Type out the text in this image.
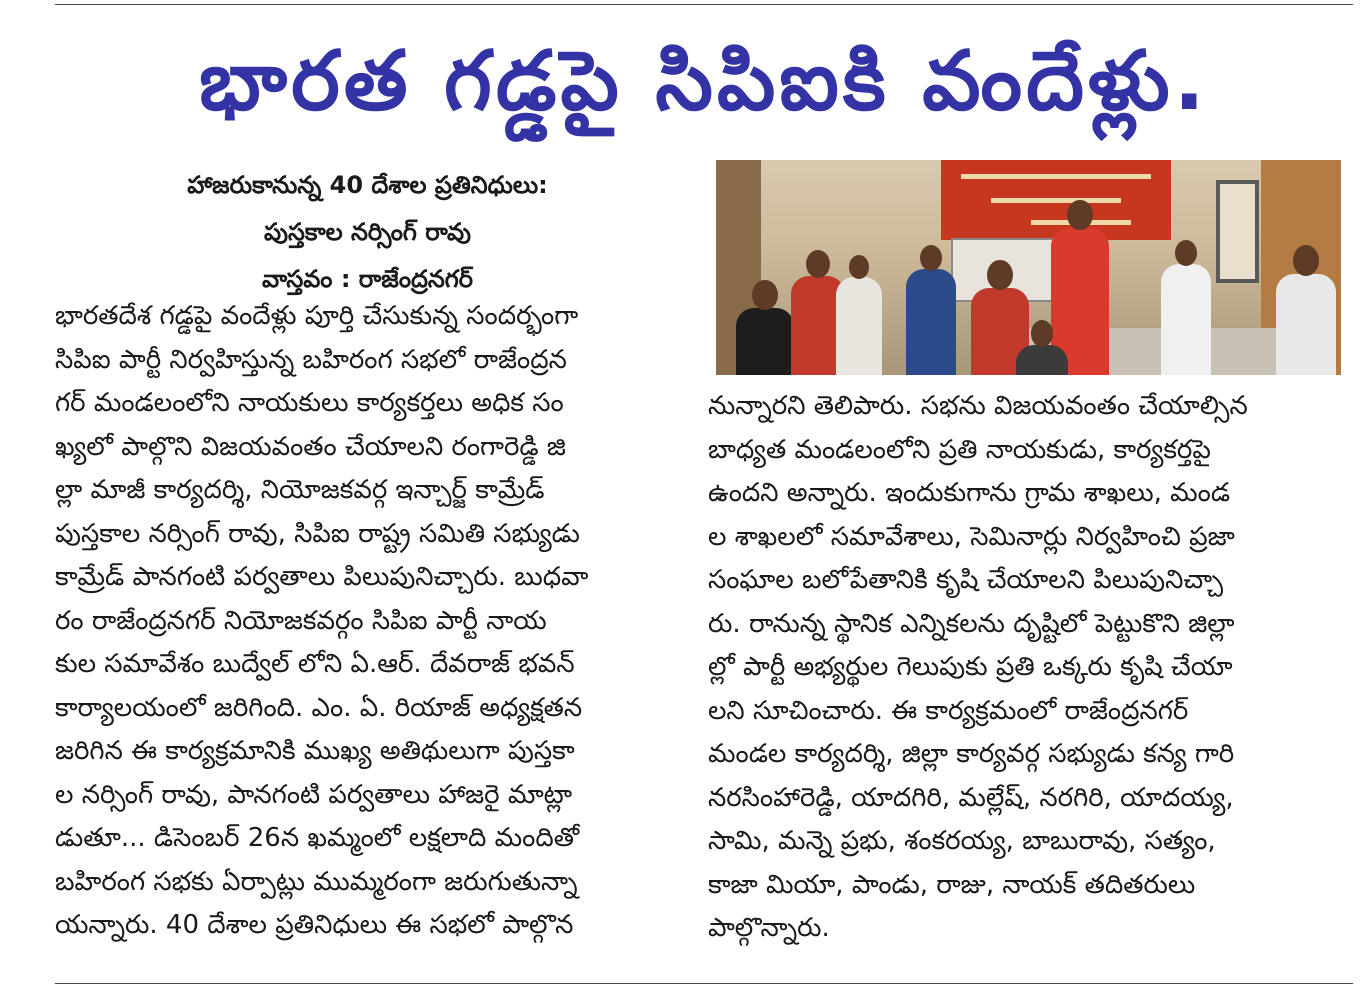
భారత గడ్డపై సిపిఐకి వందేళ్లు.
హాజరుకానున్న 40 దేశాల ప్రతినిధులు:
పుస్తకాల నర్సింగ్ రావు
వాస్తవం : రాజేంద్రనగర్
భారతదేశ గడ్డపై వందేళ్లు పూర్తి చేసుకున్న సందర్భంగా
సిపిఐ పార్టీ నిర్వహిస్తున్న బహిరంగ సభలో రాజేంద్రన
గర్ మండలంలోని నాయకులు కార్యకర్తలు అధిక సం
ఖ్యలో పాల్గొని విజయవంతం చేయాలని రంగారెడ్డి జి
ల్లా మాజీ కార్యదర్శి, నియోజకవర్గ ఇన్చార్జ్ కామ్రేడ్
పుస్తకాల నర్సింగ్ రావు, సిపిఐ రాష్ట్ర సమితి సభ్యుడు
కామ్రేడ్ పానగంటి పర్వతాలు పిలుపునిచ్చారు. బుధవా
రం రాజేంద్రనగర్ నియోజకవర్గం సిపిఐ పార్టీ నాయ
కుల సమావేశం బుద్వేల్ లోని ఏ.ఆర్. దేవరాజ్ భవన్
కార్యాలయంలో జరిగింది. ఎం. ఏ. రియాజ్ అధ్యక్షతన
జరిగిన ఈ కార్యక్రమానికి ముఖ్య అతిథులుగా పుస్తకా
ల నర్సింగ్ రావు, పానగంటి పర్వతాలు హాజరై మాట్లా
డుతూ... డిసెంబర్ 26న ఖమ్మంలో లక్షలాది మందితో
బహిరంగ సభకు ఏర్పాట్లు ముమ్మరంగా జరుగుతున్నా
యన్నారు. 40 దేశాల ప్రతినిధులు ఈ సభలో పాల్గొన
నున్నారని తెలిపారు. సభను విజయవంతం చేయాల్సిన
బాధ్యత మండలంలోని ప్రతి నాయకుడు, కార్యకర్తపై
ఉందని అన్నారు. ఇందుకుగాను గ్రామ శాఖలు, మండ
ల శాఖలలో సమావేశాలు, సెమినార్లు నిర్వహించి ప్రజా
సంఘాల బలోపేతానికి కృషి చేయాలని పిలుపునిచ్చా
రు. రానున్న స్థానిక ఎన్నికలను దృష్టిలో పెట్టుకొని జిల్లా
ల్లో పార్టీ అభ్యర్థుల గెలుపుకు ప్రతి ఒక్కరు కృషి చేయా
లని సూచించారు. ఈ కార్యక్రమంలో రాజేంద్రనగర్
మండల కార్యదర్శి, జిల్లా కార్యవర్గ సభ్యుడు కన్య గారి
నరసింహారెడ్డి, యాదగిరి, మల్లేష్, నరగిరి, యాదయ్య,
సామి, మన్నె ప్రభు, శంకరయ్య, బాబురావు, సత్యం,
కాజా మియా, పాండు, రాజు, నాయక్ తదితరులు
పాల్గొన్నారు.
